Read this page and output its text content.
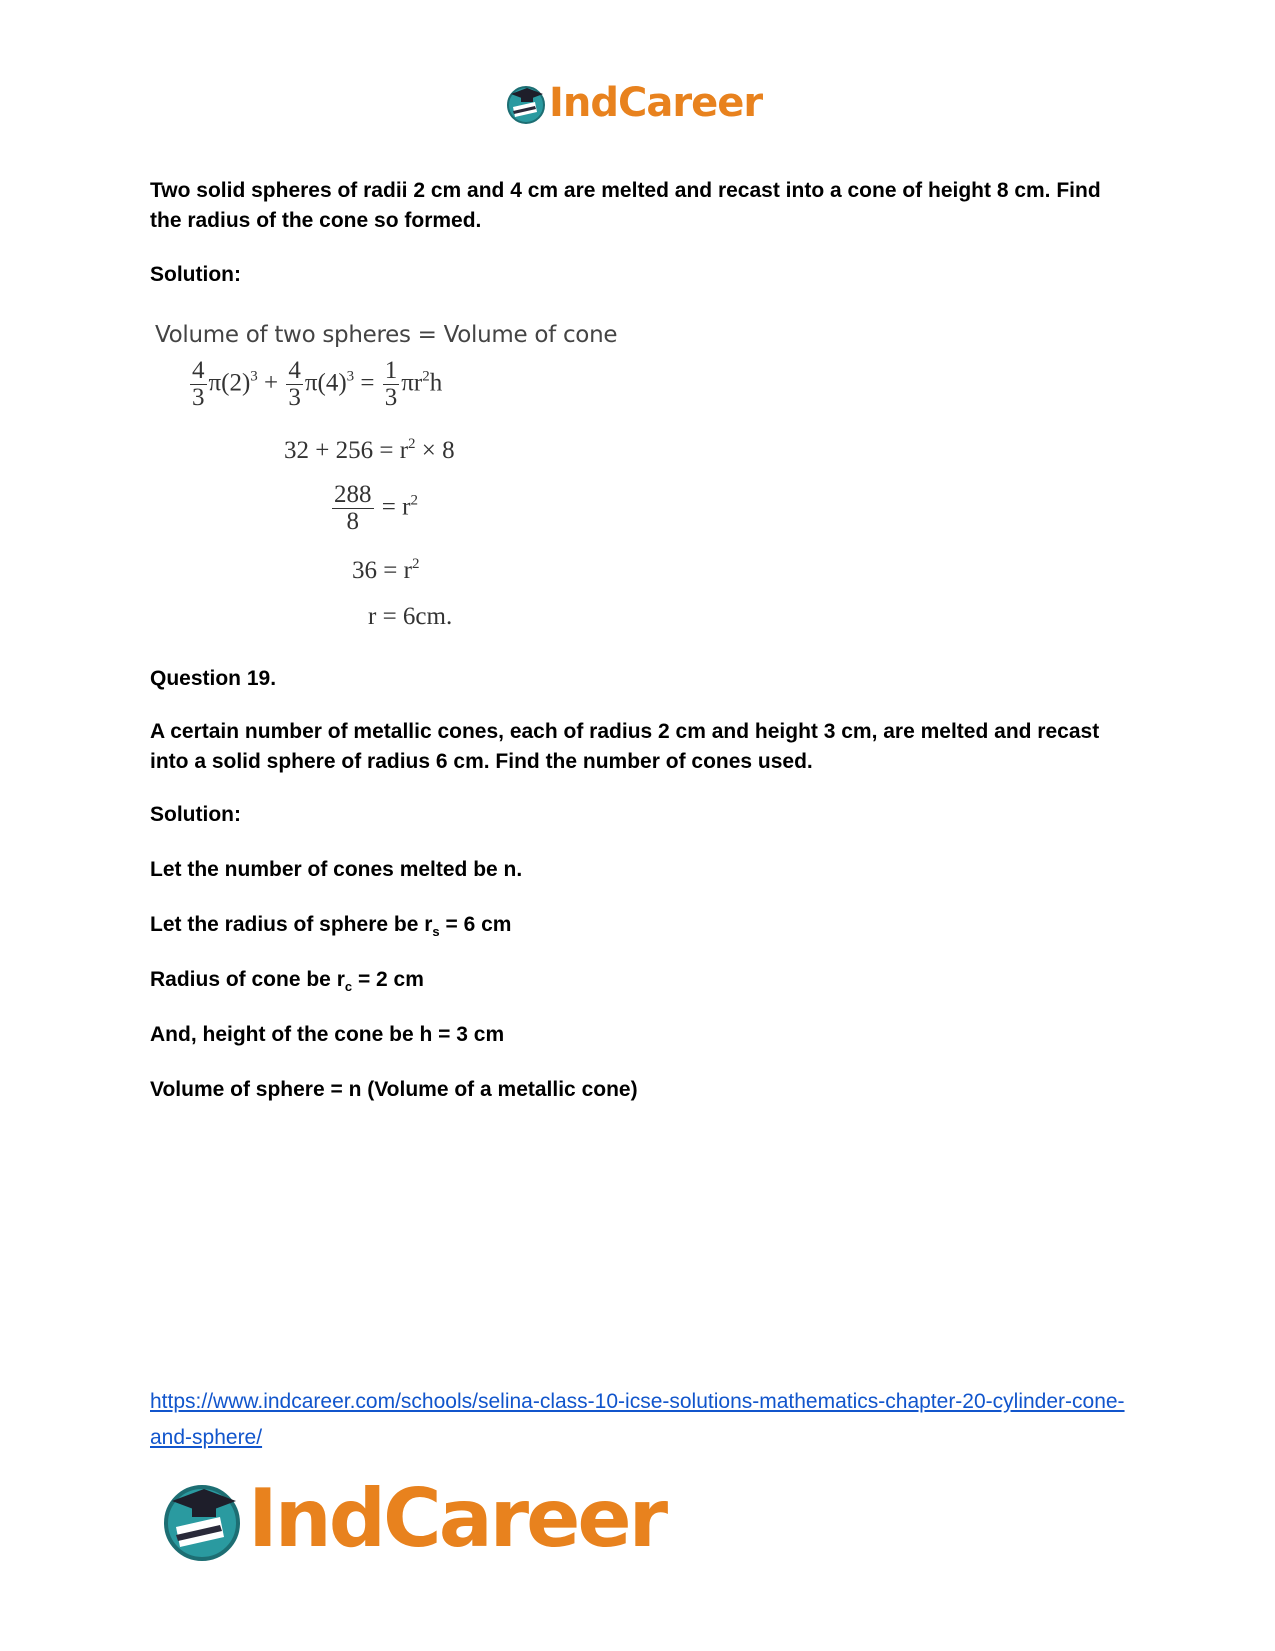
IndCareer
Two solid spheres of radii 2 cm and 4 cm are melted and recast into a cone of height 8 cm. Find the radius of the cone so formed.
Solution:
Volume of two spheres = Volume of cone
$\frac{4}{3} \pi(2)^3 + \frac{4}{3} \pi(4)^3 = \frac{1}{3} \pi r^2h$
$32 + 256 = r^2 \times 8$
$\frac{288}{8} = r^2$
$36 = r^2$
r = 6cm.
Question 19.
A certain number of metallic cones, each of radius 2 cm and height 3 cm, are melted and recast into a solid sphere of radius 6 cm. Find the number of cones used.
Solution:
Let the number of cones melted be n.
Let the radius of sphere be $r_s = 6$ cm
Radius of cone be $r_c = 2$ cm
And, height of the cone be h = 3 cm
Volume of sphere = n (Volume of a metallic cone)
https://www.indcareer.com/schools/selina-class-10-icse-solutions-mathematics-chapter-20-cylinder-cone-and-sphere/
IndCareer
